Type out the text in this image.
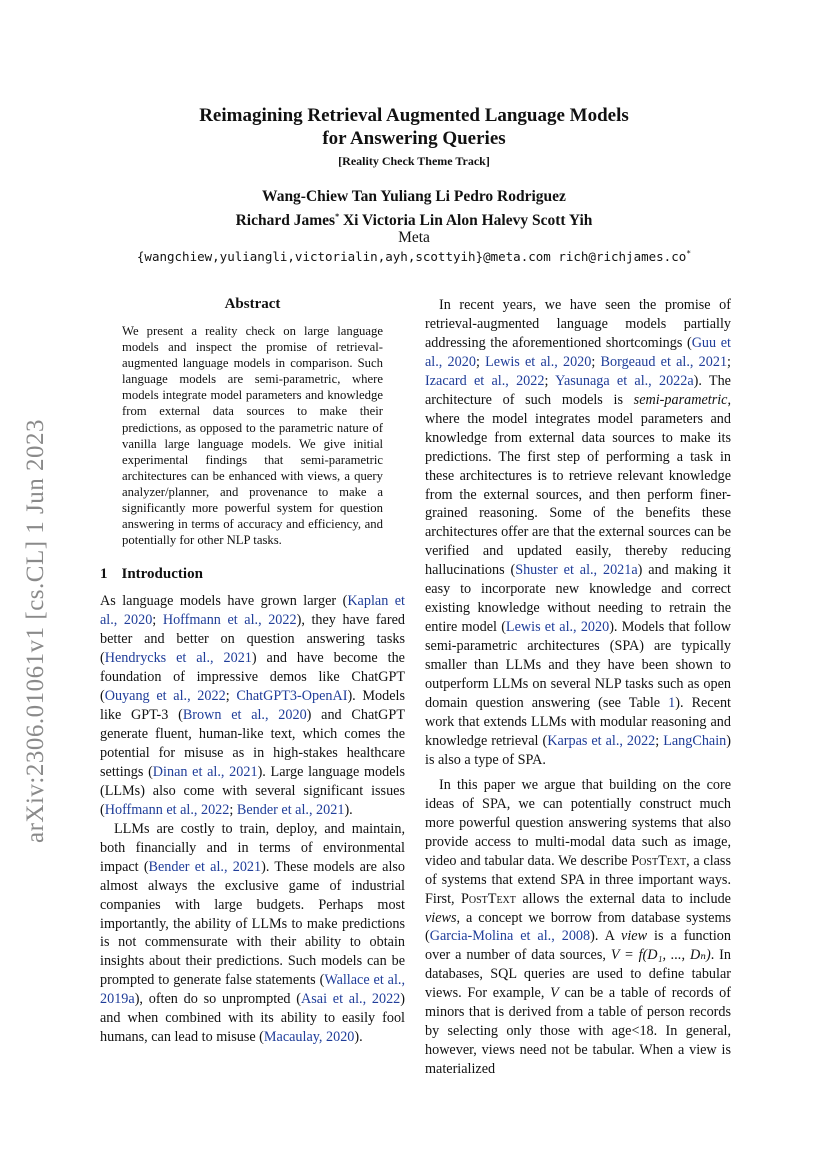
arXiv:2306.01061v1 [cs.CL] 1 Jun 2023
Reimagining Retrieval Augmented Language Models
for Answering Queries
[Reality Check Theme Track]
Wang-Chiew Tan Yuliang Li Pedro Rodriguez
Richard James* Xi Victoria Lin Alon Halevy Scott Yih
Meta
{wangchiew,yuliangli,victorialin,ayh,scottyih}@meta.com rich@richjames.co*
Abstract
We present a reality check on large language models and inspect the promise of retrieval-augmented language models in comparison. Such language models are semi-parametric, where models integrate model parameters and knowledge from external data sources to make their predictions, as opposed to the parametric nature of vanilla large language models. We give initial experimental findings that semi-parametric architectures can be enhanced with views, a query analyzer/planner, and provenance to make a significantly more powerful system for question answering in terms of accuracy and efficiency, and potentially for other NLP tasks.
1 Introduction

As language models have grown larger (Kaplan et al., 2020; Hoffmann et al., 2022), they have fared better and better on question answering tasks (Hendrycks et al., 2021) and have become the foundation of impressive demos like ChatGPT (Ouyang et al., 2022; ChatGPT3-OpenAI). Models like GPT-3 (Brown et al., 2020) and ChatGPT generate fluent, human-like text, which comes the potential for misuse as in high-stakes healthcare settings (Dinan et al., 2021). Large language models (LLMs) also come with several significant issues (Hoffmann et al., 2022; Bender et al., 2021).

LLMs are costly to train, deploy, and maintain, both financially and in terms of environmental impact (Bender et al., 2021). These models are also almost always the exclusive game of industrial companies with large budgets. Perhaps most importantly, the ability of LLMs to make predictions is not commensurate with their ability to obtain insights about their predictions. Such models can be prompted to generate false statements (Wallace et al., 2019a), often do so unprompted (Asai et al., 2022) and when combined with its ability to easily fool humans, can lead to misuse (Macaulay, 2020).

In recent years, we have seen the promise of retrieval-augmented language models partially addressing the aforementioned shortcomings (Guu et al., 2020; Lewis et al., 2020; Borgeaud et al., 2021; Izacard et al., 2022; Yasunaga et al., 2022a). The architecture of such models is semi-parametric, where the model integrates model parameters and knowledge from external data sources to make its predictions. The first step of performing a task in these architectures is to retrieve relevant knowledge from the external sources, and then perform finer-grained reasoning. Some of the benefits these architectures offer are that the external sources can be verified and updated easily, thereby reducing hallucinations (Shuster et al., 2021a) and making it easy to incorporate new knowledge and correct existing knowledge without needing to retrain the entire model (Lewis et al., 2020). Models that follow semi-parametric architectures (SPA) are typically smaller than LLMs and they have been shown to outperform LLMs on several NLP tasks such as open domain question answering (see Table 1). Recent work that extends LLMs with modular reasoning and knowledge retrieval (Karpas et al., 2022; LangChain) is also a type of SPA.

In this paper we argue that building on the core ideas of SPA, we can potentially construct much more powerful question answering systems that also provide access to multi-modal data such as image, video and tabular data. We describe PostText, a class of systems that extend SPA in three important ways. First, PostText allows the external data to include views, a concept we borrow from database systems (Garcia-Molina et al., 2008). A view is a function over a number of data sources, V = f(D₁, ..., Dₙ). In databases, SQL queries are used to define tabular views. For example, V can be a table of records of minors that is derived from a table of person records by selecting only those with age<18. In general, however, views need not be tabular. When a view is materialized
